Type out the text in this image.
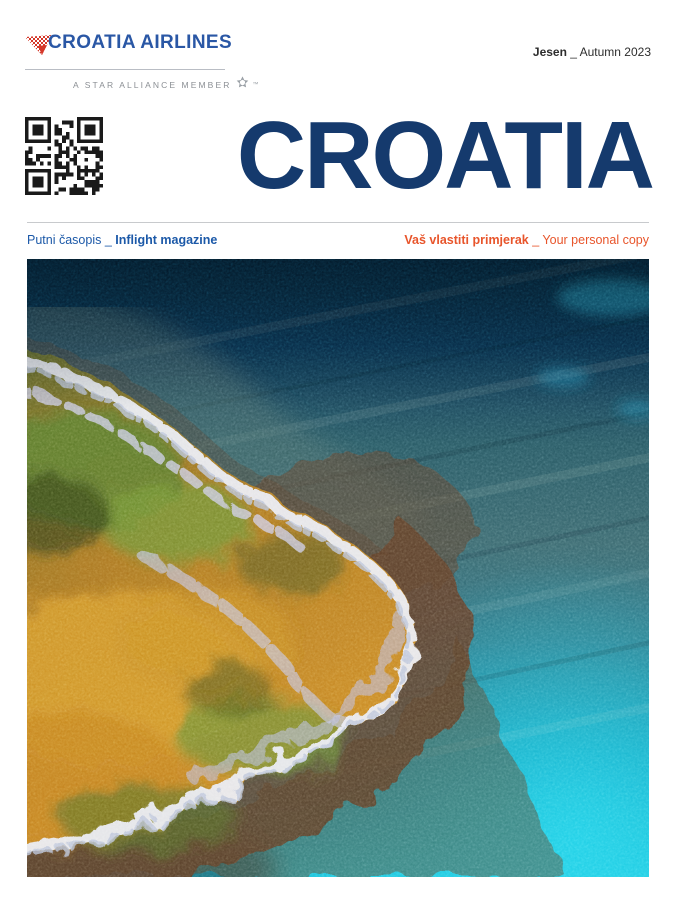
CROATIA AIRLINES
A STAR ALLIANCE MEMBER	™
Jesen _ Autumn 2023
CROATIA
Putni časopis _ Inflight magazine	Vaš vlastiti primjerak _ Your personal copy
